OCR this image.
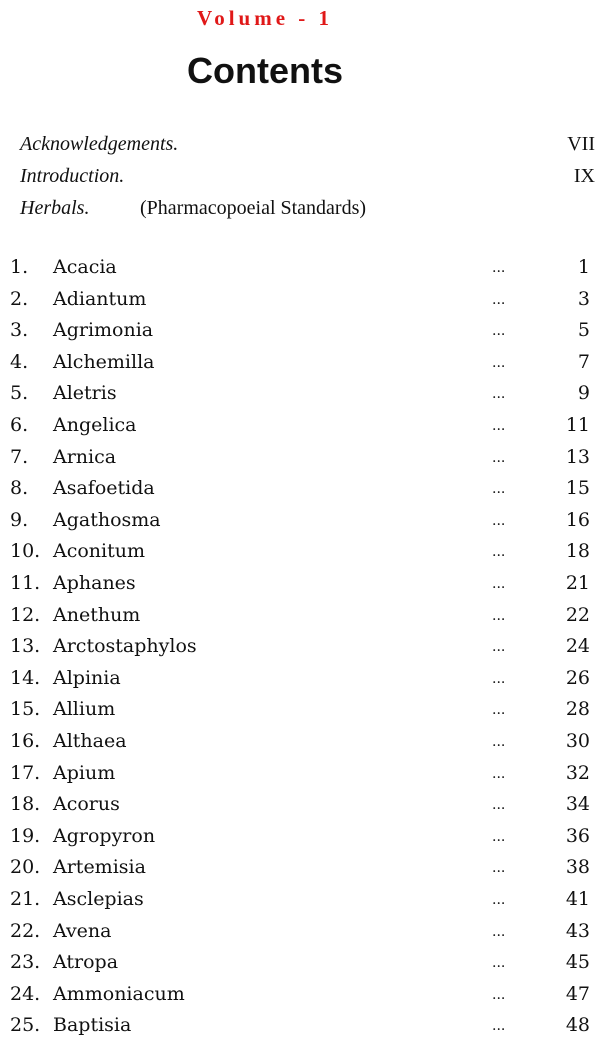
Volume - 1
Contents
Acknowledgements.	VII
Introduction.	IX
Herbals.	(Pharmacopoeial Standards)
1. Acacia	...	1
2. Adiantum	...	3
3. Agrimonia	...	5
4. Alchemilla	...	7
5. Aletris	...	9
6. Angelica	...	11
7. Arnica	...	13
8. Asafoetida	...	15
9. Agathosma	...	16
10. Aconitum	...	18
11. Aphanes	...	21
12. Anethum	...	22
13. Arctostaphylos	...	24
14. Alpinia	...	26
15. Allium	...	28
16. Althaea	...	30
17. Apium	...	32
18. Acorus	...	34
19. Agropyron	...	36
20. Artemisia	...	38
21. Asclepias	...	41
22. Avena	...	43
23. Atropa	...	45
24. Ammoniacum	...	47
25. Baptisia	...	48
